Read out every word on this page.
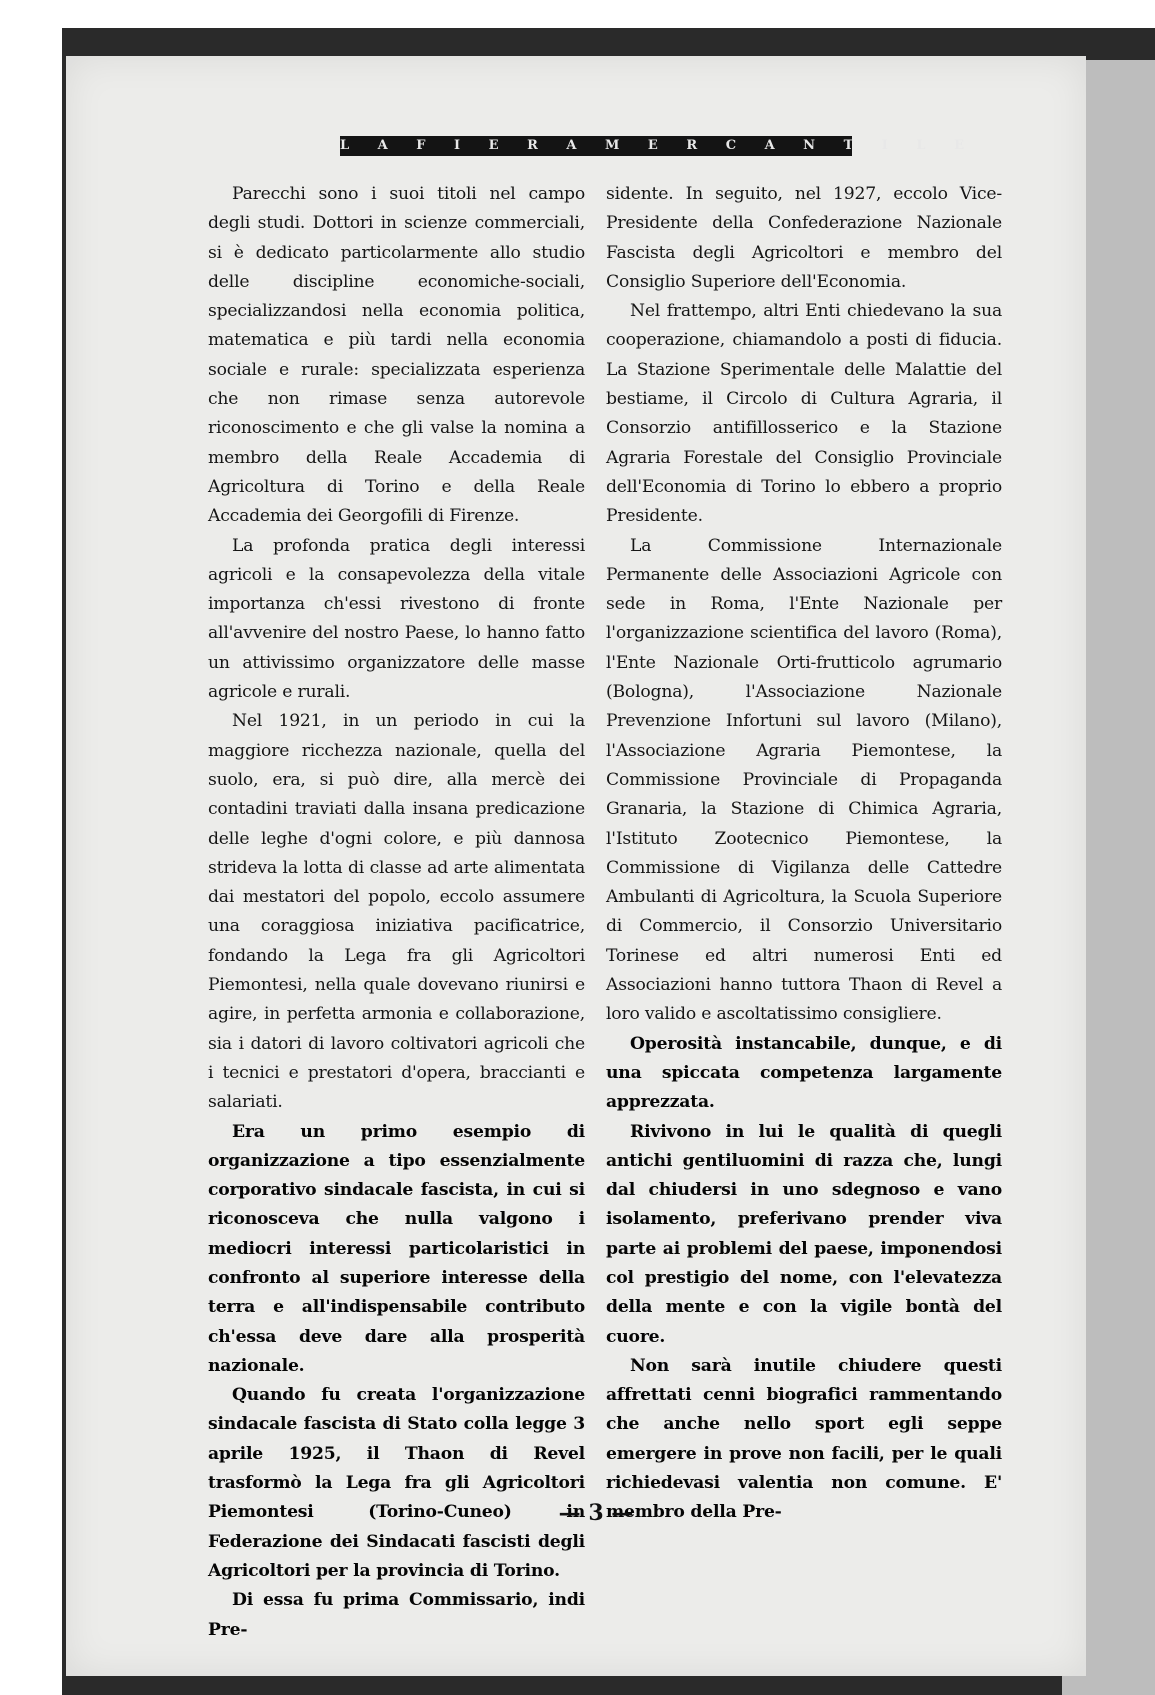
L A F I E R A M E R C A N T I L E

Parecchi sono i suoi titoli nel campo degli studi. Dottori in scienze commerciali, si è dedicato particolarmente allo studio delle discipline economiche-sociali, specializzandosi nella economia politica, matematica e più tardi nella economia sociale e rurale: specializzata esperienza che non rimase senza autorevole riconoscimento e che gli valse la nomina a membro della Reale Accademia di Agricoltura di Torino e della Reale Accademia dei Georgofili di Firenze.

La profonda pratica degli interessi agricoli e la consapevolezza della vitale importanza ch'essi rivestono di fronte all'avvenire del nostro Paese, lo hanno fatto un attivissimo organizzatore delle masse agricole e rurali.

Nel 1921, in un periodo in cui la maggiore ricchezza nazionale, quella del suolo, era, si può dire, alla mercè dei contadini traviati dalla insana predicazione delle leghe d'ogni colore, e più dannosa strideva la lotta di classe ad arte alimentata dai mestatori del popolo, eccolo assumere una coraggiosa iniziativa pacificatrice, fondando la Lega fra gli Agricoltori Piemontesi, nella quale dovevano riunirsi e agire, in perfetta armonia e collaborazione, sia i datori di lavoro coltivatori agricoli che i tecnici e prestatori d'opera, braccianti e salariati.

Era un primo esempio di organizzazione a tipo essenzialmente corporativo sindacale fascista, in cui si riconosceva che nulla valgono i mediocri interessi particolaristici in confronto al superiore interesse della terra e all'indispensabile contributo ch'essa deve dare alla prosperità nazionale.

Quando fu creata l'organizzazione sindacale fascista di Stato colla legge 3 aprile 1925, il Thaon di Revel trasformò la Lega fra gli Agricoltori Piemontesi (Torino-Cuneo) in Federazione dei Sindacati fascisti degli Agricoltori per la provincia di Torino.

Di essa fu prima Commissario, indi Pre-

sidente. In seguito, nel 1927, eccolo Vice-Presidente della Confederazione Nazionale Fascista degli Agricoltori e membro del Consiglio Superiore dell'Economia.

Nel frattempo, altri Enti chiedevano la sua cooperazione, chiamandolo a posti di fiducia. La Stazione Sperimentale delle Malattie del bestiame, il Circolo di Cultura Agraria, il Consorzio antifillosserico e la Stazione Agraria Forestale del Consiglio Provinciale dell'Economia di Torino lo ebbero a proprio Presidente.

La Commissione Internazionale Permanente delle Associazioni Agricole con sede in Roma, l'Ente Nazionale per l'organizzazione scientifica del lavoro (Roma), l'Ente Nazionale Orti-frutticolo agrumario (Bologna), l'Associazione Nazionale Prevenzione Infortuni sul lavoro (Milano), l'Associazione Agraria Piemontese, la Commissione Provinciale di Propaganda Granaria, la Stazione di Chimica Agraria, l'Istituto Zootecnico Piemontese, la Commissione di Vigilanza delle Cattedre Ambulanti di Agricoltura, la Scuola Superiore di Commercio, il Consorzio Universitario Torinese ed altri numerosi Enti ed Associazioni hanno tuttora Thaon di Revel a loro valido e ascoltatissimo consigliere.

Operosità instancabile, dunque, e di una spiccata competenza largamente apprezzata.

Rivivono in lui le qualità di quegli antichi gentiluomini di razza che, lungi dal chiudersi in uno sdegnoso e vano isolamento, preferivano prender viva parte ai problemi del paese, imponendosi col prestigio del nome, con l'elevatezza della mente e con la vigile bontà del cuore.

Non sarà inutile chiudere questi affrettati cenni biografici rammentando che anche nello sport egli seppe emergere in prove non facili, per le quali richiedevasi valentia non comune. E' membro della Pre-

— 3 —
